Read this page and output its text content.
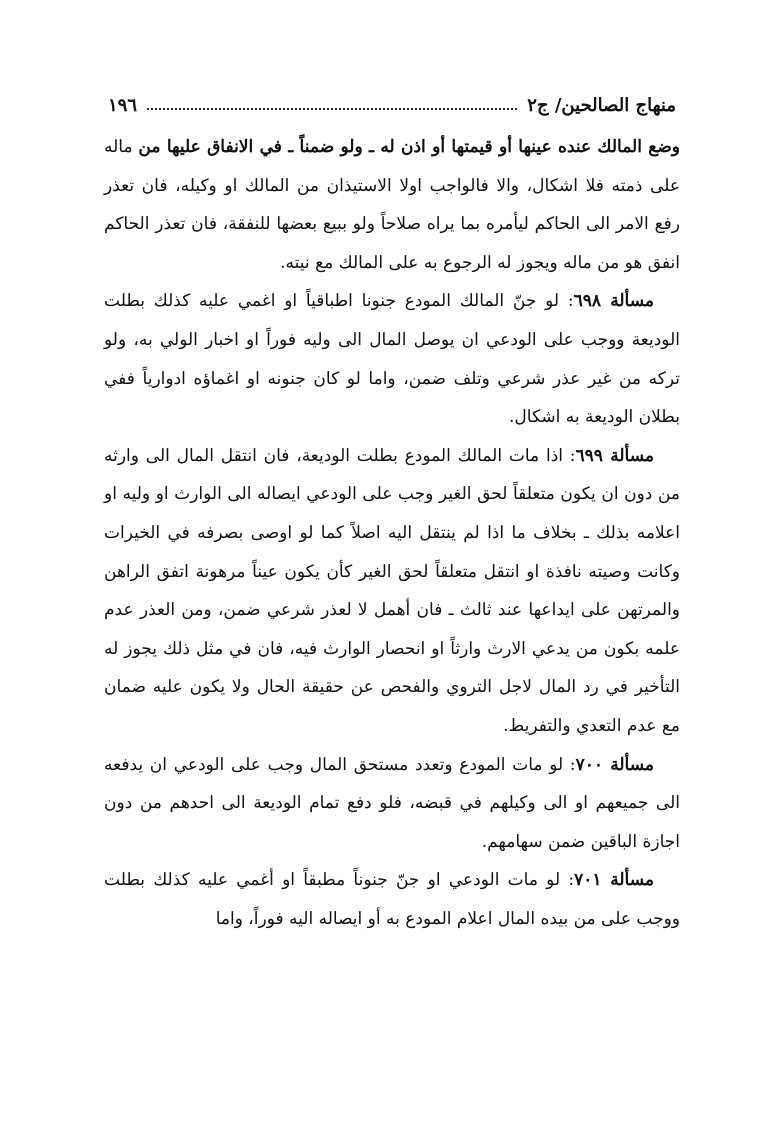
منهاج الصالحين/ ج٢
١٩٦

وضع المالك عنده عينها أو قيمتها أو اذن له ـ ولو ضمناً ـ في الانفاق عليها من ماله على ذمته فلا اشكال، والا فالواجب اولا الاستيذان من المالك او وكيله، فان تعذر رفع الامر الى الحاكم ليأمره بما يراه صلاحاً ولو ببيع بعضها للنفقة، فان تعذر الحاكم انفق هو من ماله ويجوز له الرجوع به على المالك مع نيته.

مسألة ٦٩٨: لو جنّ المالك المودع جنونا اطباقياً او اغمي عليه كذلك بطلت الوديعة ووجب على الودعي ان يوصل المال الى وليه فوراً او اخبار الولي به، ولو تركه من غير عذر شرعي وتلف ضمن، واما لو كان جنونه او اغماؤه ادوارياً ففي بطلان الوديعة به اشكال.

مسألة ٦٩٩: اذا مات المالك المودع بطلت الوديعة، فان انتقل المال الى وارثه من دون ان يكون متعلقاً لحق الغير وجب على الودعي ايصاله الى الوارث او وليه او اعلامه بذلك ـ بخلاف ما اذا لم ينتقل اليه اصلاً كما لو اوصى بصرفه في الخيرات وكانت وصيته نافذة او انتقل متعلقاً لحق الغير كأن يكون عيناً مرهونة اتفق الراهن والمرتهن على ايداعها عند ثالث ـ فان أهمل لا لعذر شرعي ضمن، ومن العذر عدم علمه بكون من يدعي الارث وارثاً او انحصار الوارث فيه، فان في مثل ذلك يجوز له التأخير في رد المال لاجل التروي والفحص عن حقيقة الحال ولا يكون عليه ضمان مع عدم التعدي والتفريط.

مسألة ٧٠٠: لو مات المودع وتعدد مستحق المال وجب على الودعي ان يدفعه الى جميعهم او الى وكيلهم في قبضه، فلو دفع تمام الوديعة الى احدهم من دون اجازة الباقين ضمن سهامهم.

مسألة ٧٠١: لو مات الودعي او جنّ جنوناً مطبقاً او أغمي عليه كذلك بطلت ووجب على من بيده المال اعلام المودع به أو ايصاله اليه فوراً، واما
